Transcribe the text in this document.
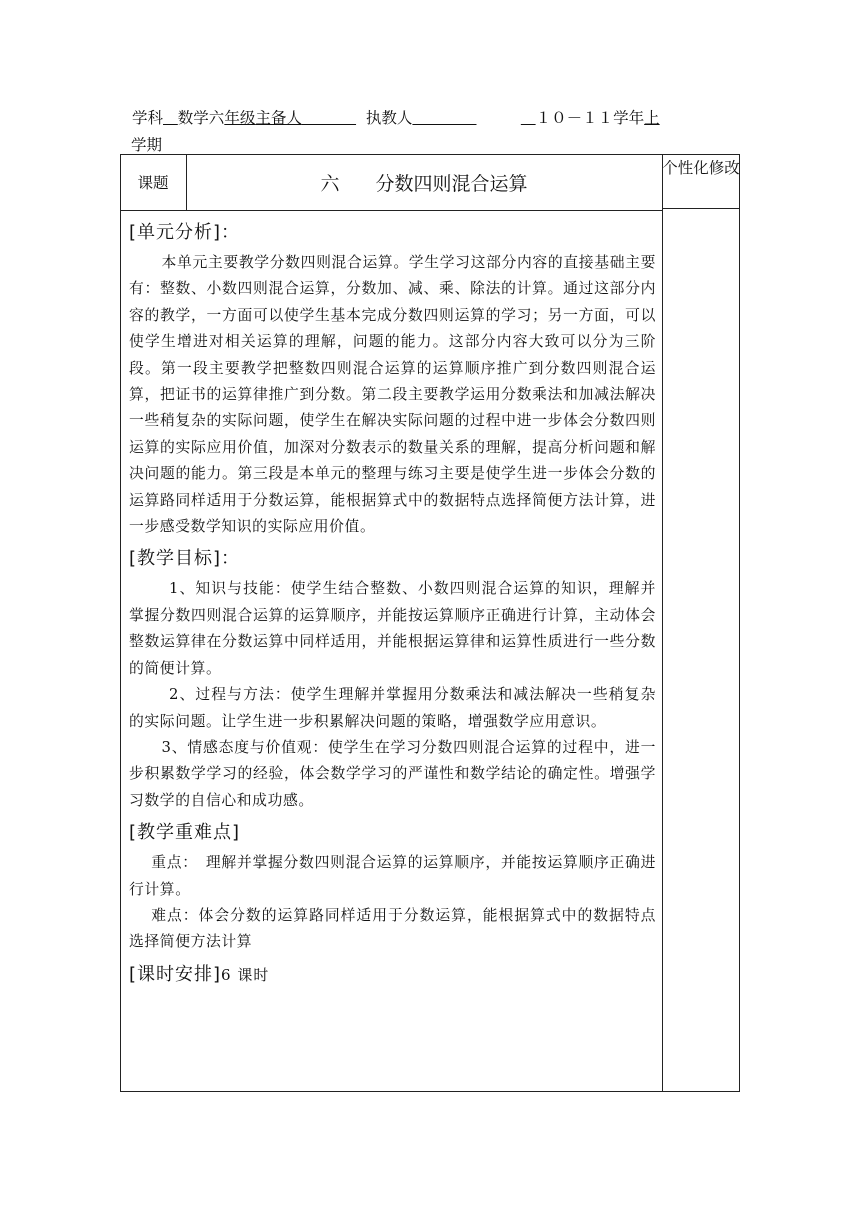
学科 数学六年级主备人	执教人	１０－１１学年上
学期
课题	六 分数四则混合运算
个性化修改
[单元分析]：

本单元主要教学分数四则混合运算。学生学习这部分内容的直接基础主要有：整数、小数四则混合运算，分数加、减、乘、除法的计算。通过这部分内容的教学，一方面可以使学生基本完成分数四则运算的学习；另一方面，可以使学生增进对相关运算的理解，问题的能力。这部分内容大致可以分为三阶段。第一段主要教学把整数四则混合运算的运算顺序推广到分数四则混合运算，把证书的运算律推广到分数。第二段主要教学运用分数乘法和加减法解决一些稍复杂的实际问题，使学生在解决实际问题的过程中进一步体会分数四则运算的实际应用价值，加深对分数表示的数量关系的理解，提高分析问题和解决问题的能力。第三段是本单元的整理与练习主要是使学生进一步体会分数的运算路同样适用于分数运算，能根据算式中的数据特点选择简便方法计算，进一步感受数学知识的实际应用价值。

[教学目标]：

1、知识与技能：使学生结合整数、小数四则混合运算的知识，理解并掌握分数四则混合运算的运算顺序，并能按运算顺序正确进行计算，主动体会整数运算律在分数运算中同样适用，并能根据运算律和运算性质进行一些分数的简便计算。

2、过程与方法：使学生理解并掌握用分数乘法和减法解决一些稍复杂的实际问题。让学生进一步积累解决问题的策略，增强数学应用意识。

3、情感态度与价值观：使学生在学习分数四则混合运算的过程中，进一步积累数学学习的经验，体会数学学习的严谨性和数学结论的确定性。增强学习数学的自信心和成功感。

[教学重难点]

重点：　理解并掌握分数四则混合运算的运算顺序，并能按运算顺序正确进行计算。

难点：体会分数的运算路同样适用于分数运算，能根据算式中的数据特点选择简便方法计算

[课时安排]6 课时
